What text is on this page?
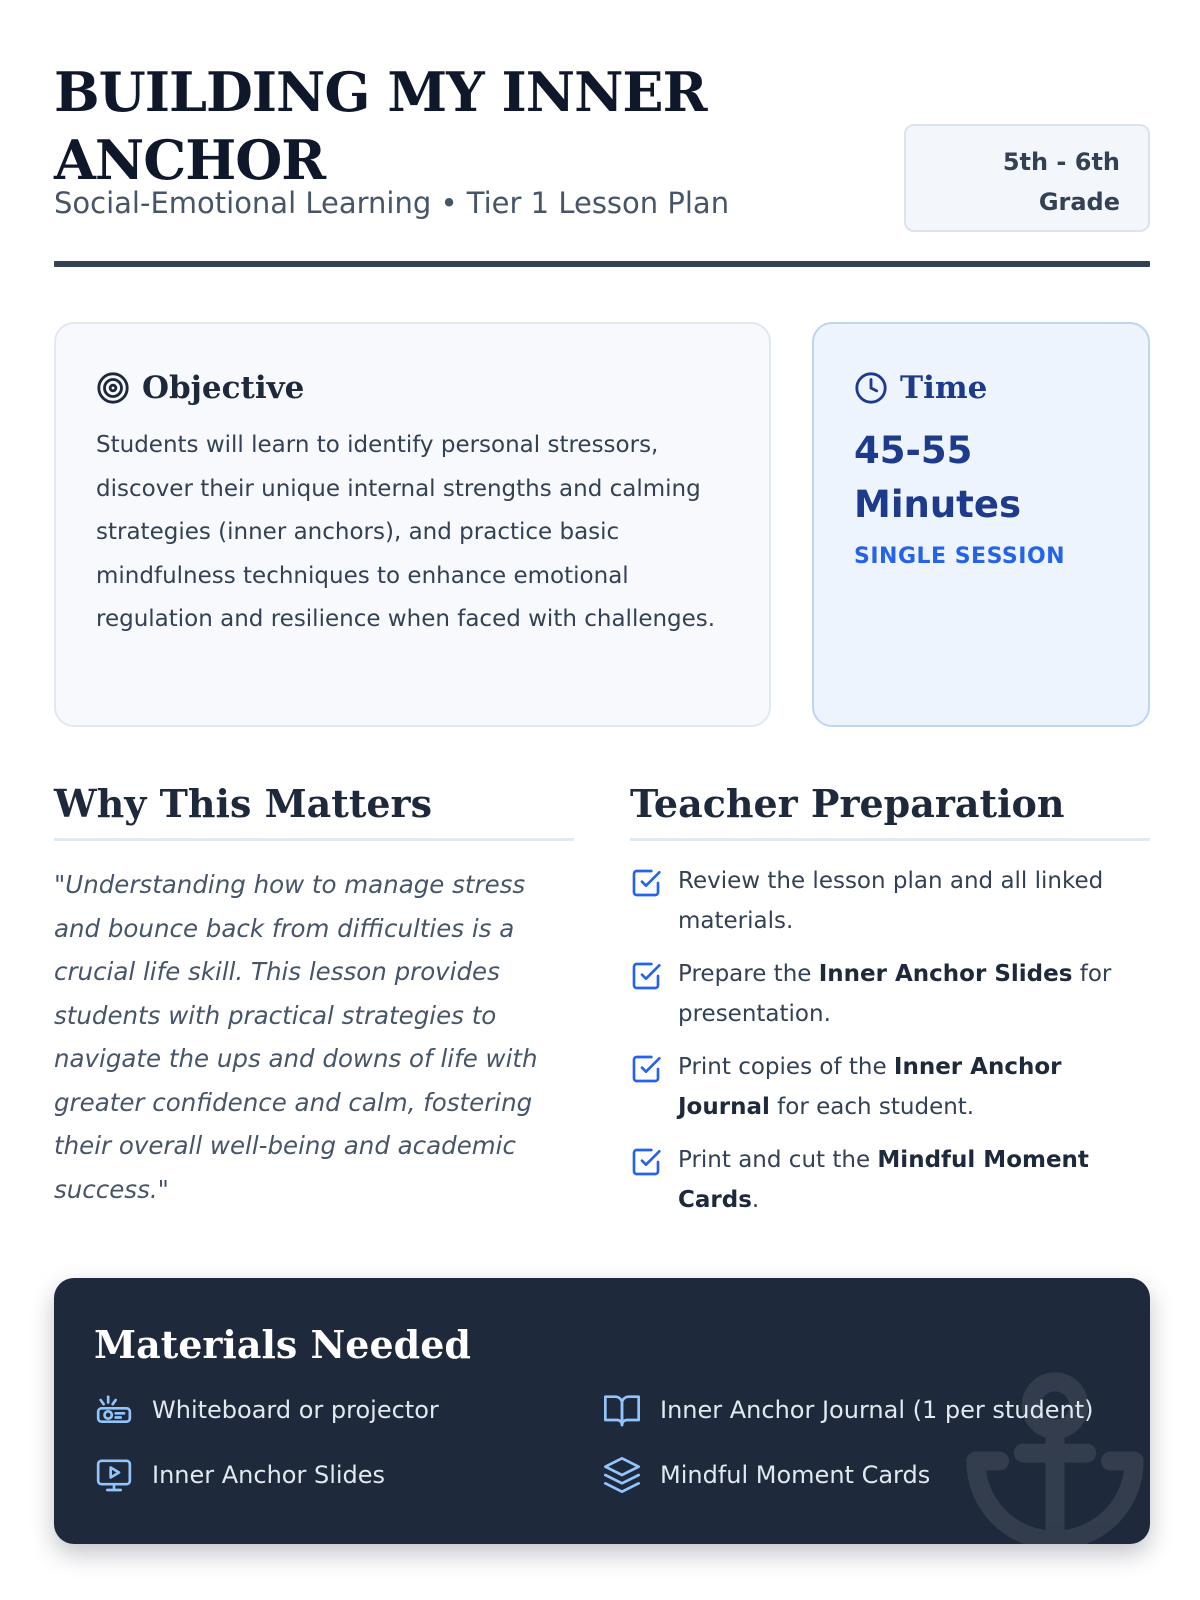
BUILDING MY INNER ANCHOR

Social-Emotional Learning • Tier 1 Lesson Plan

5th - 6th
Grade
Objective

Students will learn to identify personal stressors, discover their unique internal strengths and calming strategies (inner anchors), and practice basic mindfulness techniques to enhance emotional regulation and resilience when faced with challenges.

Time

45-55 Minutes

SINGLE SESSION

Why This Matters

"Understanding how to manage stress and bounce back from difficulties is a crucial life skill. This lesson provides students with practical strategies to navigate the ups and downs of life with greater confidence and calm, fostering their overall well-being and academic success."

Teacher Preparation
Review the lesson plan and all linked materials.
Prepare the Inner Anchor Slides for presentation.
Print copies of the Inner Anchor Journal for each student.
Print and cut the Mindful Moment Cards.
Materials Needed
Whiteboard or projector	Inner Anchor Journal (1 per student)
Inner Anchor Slides	Mindful Moment Cards
